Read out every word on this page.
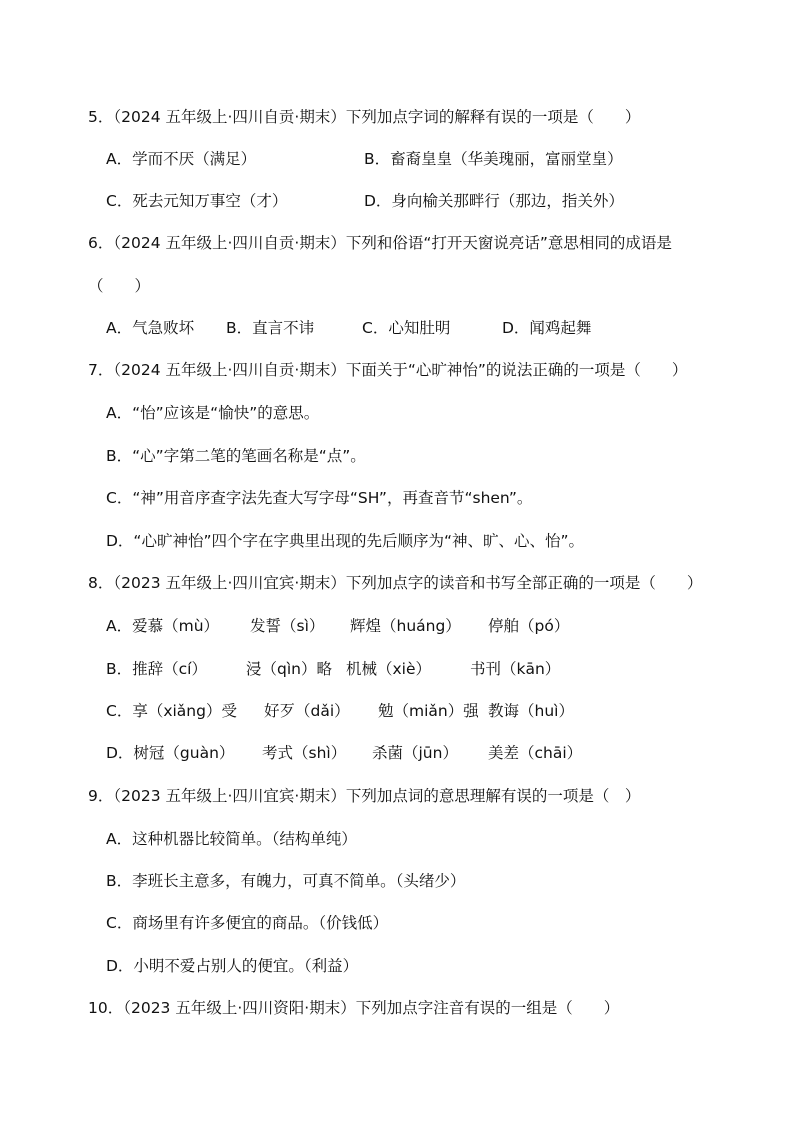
5．（2024 五年级上·四川自贡·期末）下列加点字词的解释有误的一项是（　　）
A．学而不厌（满足）	B．畜裔皇皇（华美瑰丽，富丽堂皇）
C．死去元知万事空（才）	D．身向榆关那畔行（那边，指关外）
6．（2024 五年级上·四川自贡·期末）下列和俗语“打开天窗说亮话”意思相同的成语是
（　　）
A．气急败坏 B．直言不讳	C．心知肚明	D．闻鸡起舞
7．（2024 五年级上·四川自贡·期末）下面关于“心旷神怡”的说法正确的一项是（　　）
A．“怡”应该是“愉快”的意思。
B．“心”字第二笔的笔画名称是“点”。
C．“神”用音序查字法先查大写字母“SH”，再查音节“shen”。
D．“心旷神怡”四个字在字典里出现的先后顺序为“神、旷、心、怡”。
8．（2023 五年级上·四川宜宾·期末）下列加点字的读音和书写全部正确的一项是（　　）
A．爱慕（mù） 发誓（sì） 辉煌（huáng） 停舶（pó）
B．推辞（cí）	浸（qìn）略 机械（xiè）	书刊（kān）
C．享（xiǎng）受 好歹（dǎi） 勉（miǎn）强 教诲（huì）
D．树冠（guàn） 考式（shì） 杀菌（jūn） 美差（chāi）
9．（2023 五年级上·四川宜宾·期末）下列加点词的意思理解有误的一项是（　）
A．这种机器比较简单。（结构单纯）
B．李班长主意多，有魄力，可真不简单。（头绪少）
C．商场里有许多便宜的商品。（价钱低）
D．小明不爱占别人的便宜。（利益）
10．（2023 五年级上·四川资阳·期末）下列加点字注音有误的一组是（　　）
